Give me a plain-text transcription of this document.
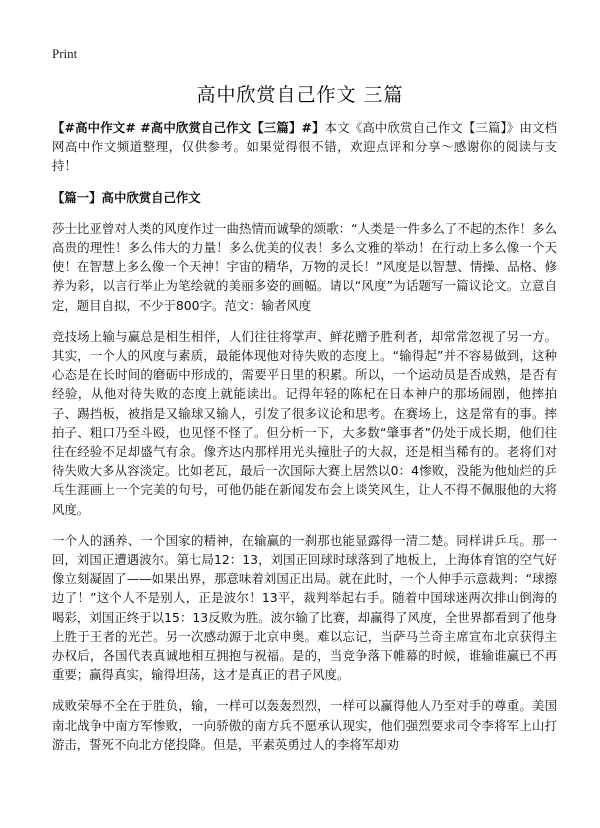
Print
高中欣赏自己作文 三篇

【#高中作文# #高中欣赏自己作文【三篇】#】本文《高中欣赏自己作文【三篇】》由文档网高中作文频道整理，仅供参考。如果觉得很不错，欢迎点评和分享～感谢你的阅读与支持！

【篇一】高中欣赏自己作文

莎士比亚曾对人类的风度作过一曲热情而诚挚的颂歌：“人类是一件多么了不起的杰作！多么高贵的理性！多么伟大的力量！多么优美的仪表！多么文雅的举动！在行动上多么像一个天使！在智慧上多么像一个天神！宇宙的精华，万物的灵长！”风度是以智慧、情操、品格、修养为彩，以言行举止为笔绘就的美丽多姿的画幅。请以“风度”为话题写一篇议论文。立意自定，题目自拟，不少于800字。范文：输者风度

竞技场上输与赢总是相生相伴，人们往往将掌声、鲜花赠予胜利者，却常常忽视了另一方。其实，一个人的风度与素质，最能体现他对待失败的态度上。“输得起”并不容易做到，这种心态是在长时间的磨砺中形成的，需要平日里的积累。所以，一个运动员是否成熟，是否有经验，从他对待失败的态度上就能读出。记得年轻的陈杞在日本神户的那场闹剧，他摔拍子、踢挡板，被指是又输球又输人，引发了很多议论和思考。在赛场上，这是常有的事。摔拍子、粗口乃至斗殴，也见怪不怪了。但分析一下，大多数“肇事者”仍处于成长期，他们往往在经验不足却盛气有余。像齐达内那样用光头撞肚子的大叔，还是相当稀有的。老将们对待失败大多从容淡定。比如老瓦，最后一次国际大赛上居然以0：4惨败，没能为他灿烂的乒乓生涯画上一个完美的句号，可他仍能在新闻发布会上谈笑风生，让人不得不佩服他的大将风度。

一个人的涵养、一个国家的精神，在输赢的一刹那也能显露得一清二楚。同样讲乒乓。那一回，刘国正遭遇波尔。第七局12：13，刘国正回球时球落到了地板上，上海体育馆的空气好像立刻凝固了——如果出界，那意味着刘国正出局。就在此时，一个人伸手示意裁判：“球擦边了！”这个人不是别人，正是波尔！13平，裁判举起右手。随着中国球迷两次排山倒海的喝彩，刘国正终于以15：13反败为胜。波尔输了比赛，却赢得了风度，全世界都看到了他身上胜于王者的光芒。另一次感动源于北京申奥。难以忘记，当萨马兰奇主席宣布北京获得主办权后，各国代表真诚地相互拥抱与祝福。是的，当竞争落下帷幕的时候，谁输谁赢已不再重要；赢得真实，输得坦荡，这才是真正的君子风度。

成败荣辱不全在于胜负，输，一样可以轰轰烈烈，一样可以赢得他人乃至对手的尊重。美国南北战争中南方军惨败，一向骄傲的南方兵不愿承认现实，他们强烈要求司令李将军上山打游击，誓死不向北方佬投降。但是，平素英勇过人的李将军却劝
